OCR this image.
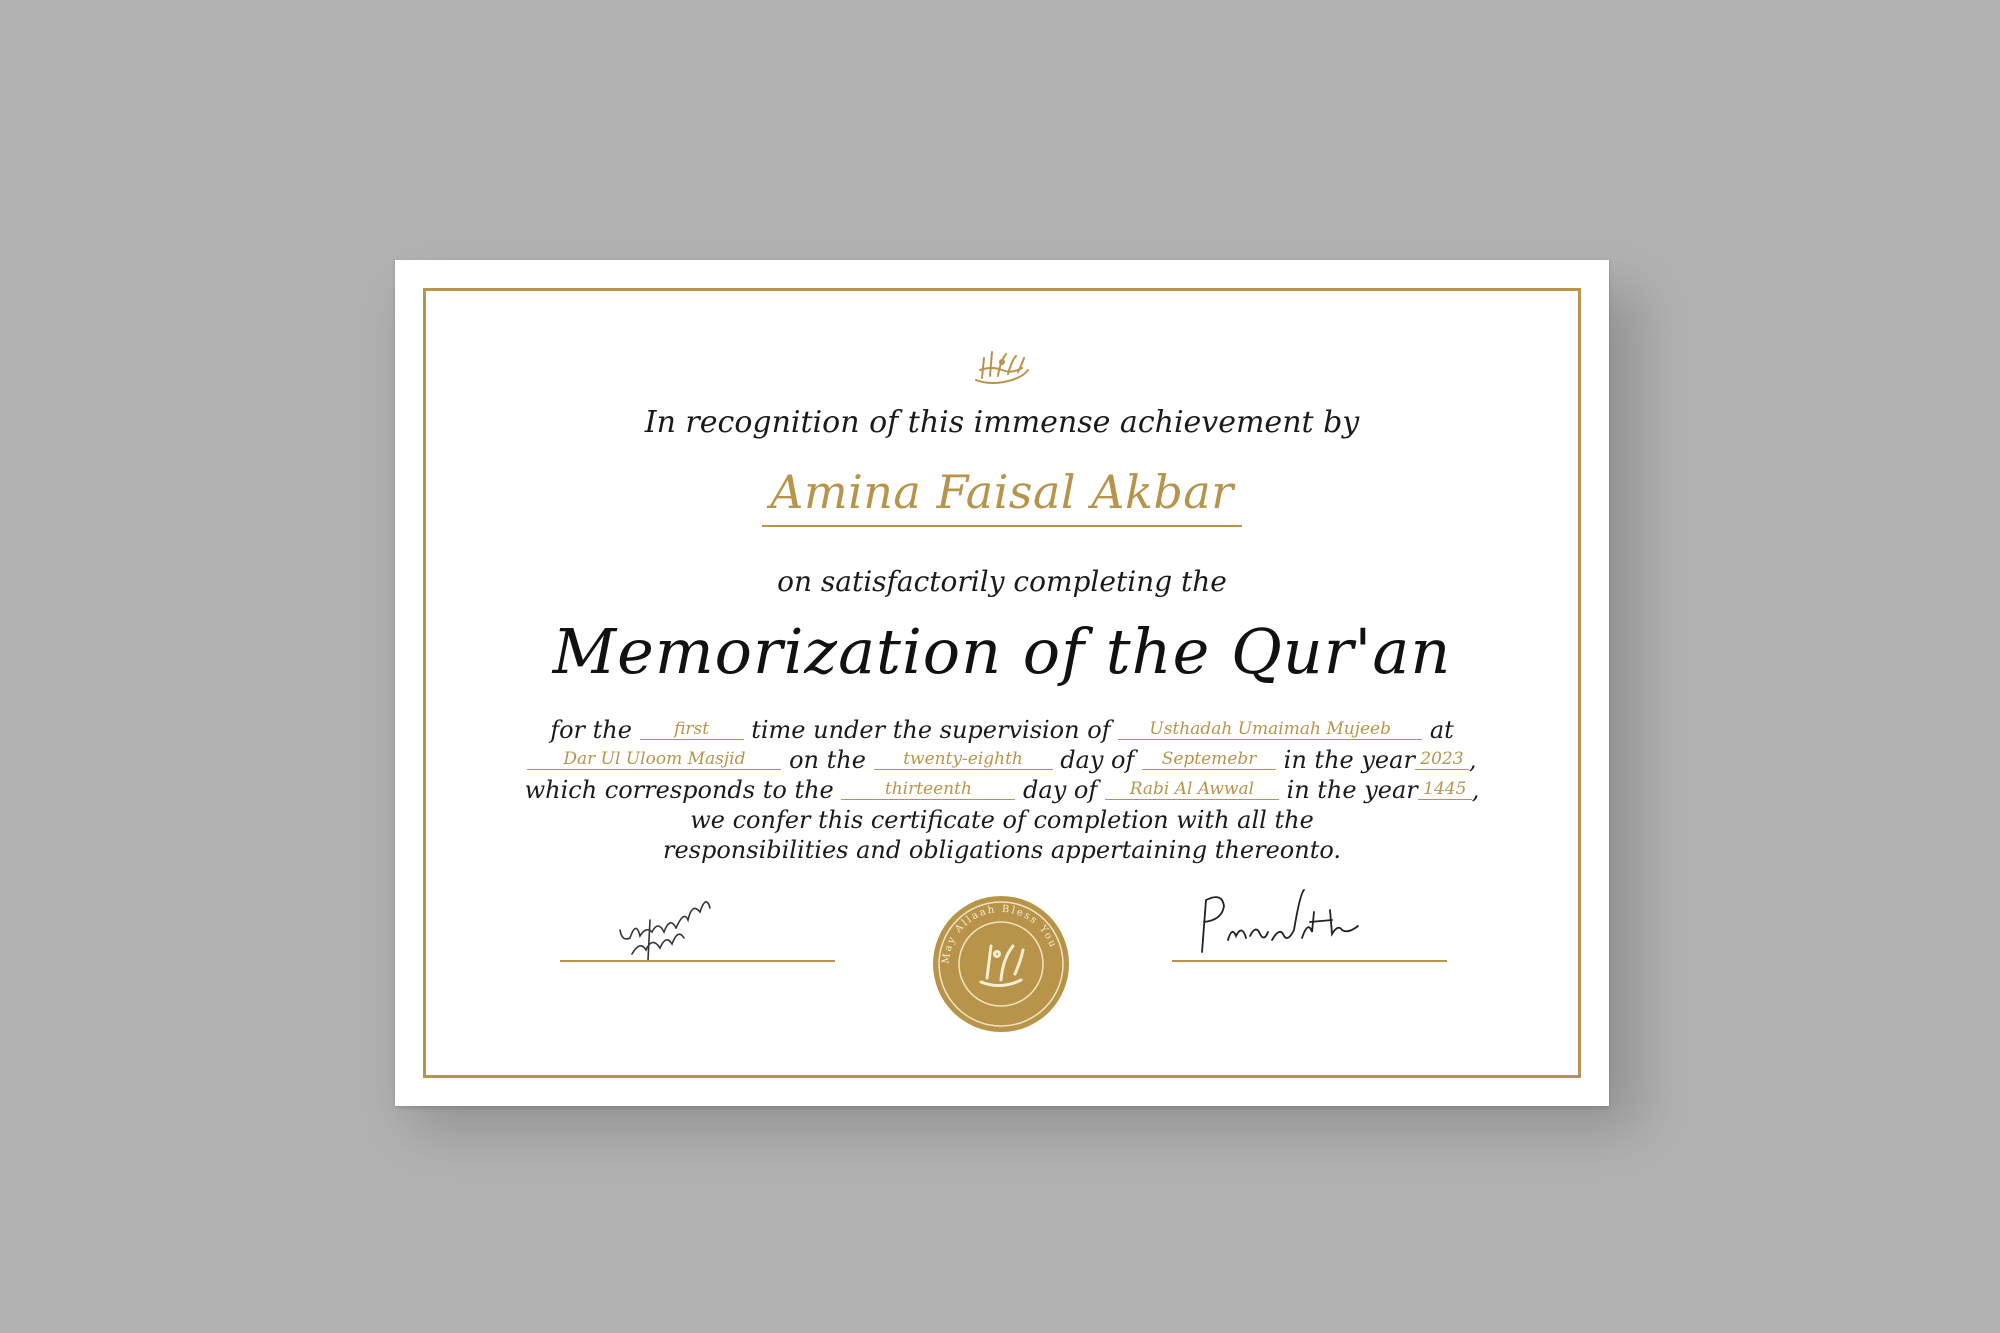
In recognition of this immense achievement by
Amina Faisal Akbar
on satisfactorily completing the
Memorization of the Qur'an
for the first time under the supervision of Usthadah Umaimah Mujeeb at
Dar Ul Uloom Masjid on the twenty-eighth day of Septemebr in the year 2023 ,
which corresponds to the	thirteenth day of Rabi Al Awwal in the year 1445 ,
we confer this certificate of completion with all the
responsibilities and obligations appertaining thereonto.
May Allaah Bless You
